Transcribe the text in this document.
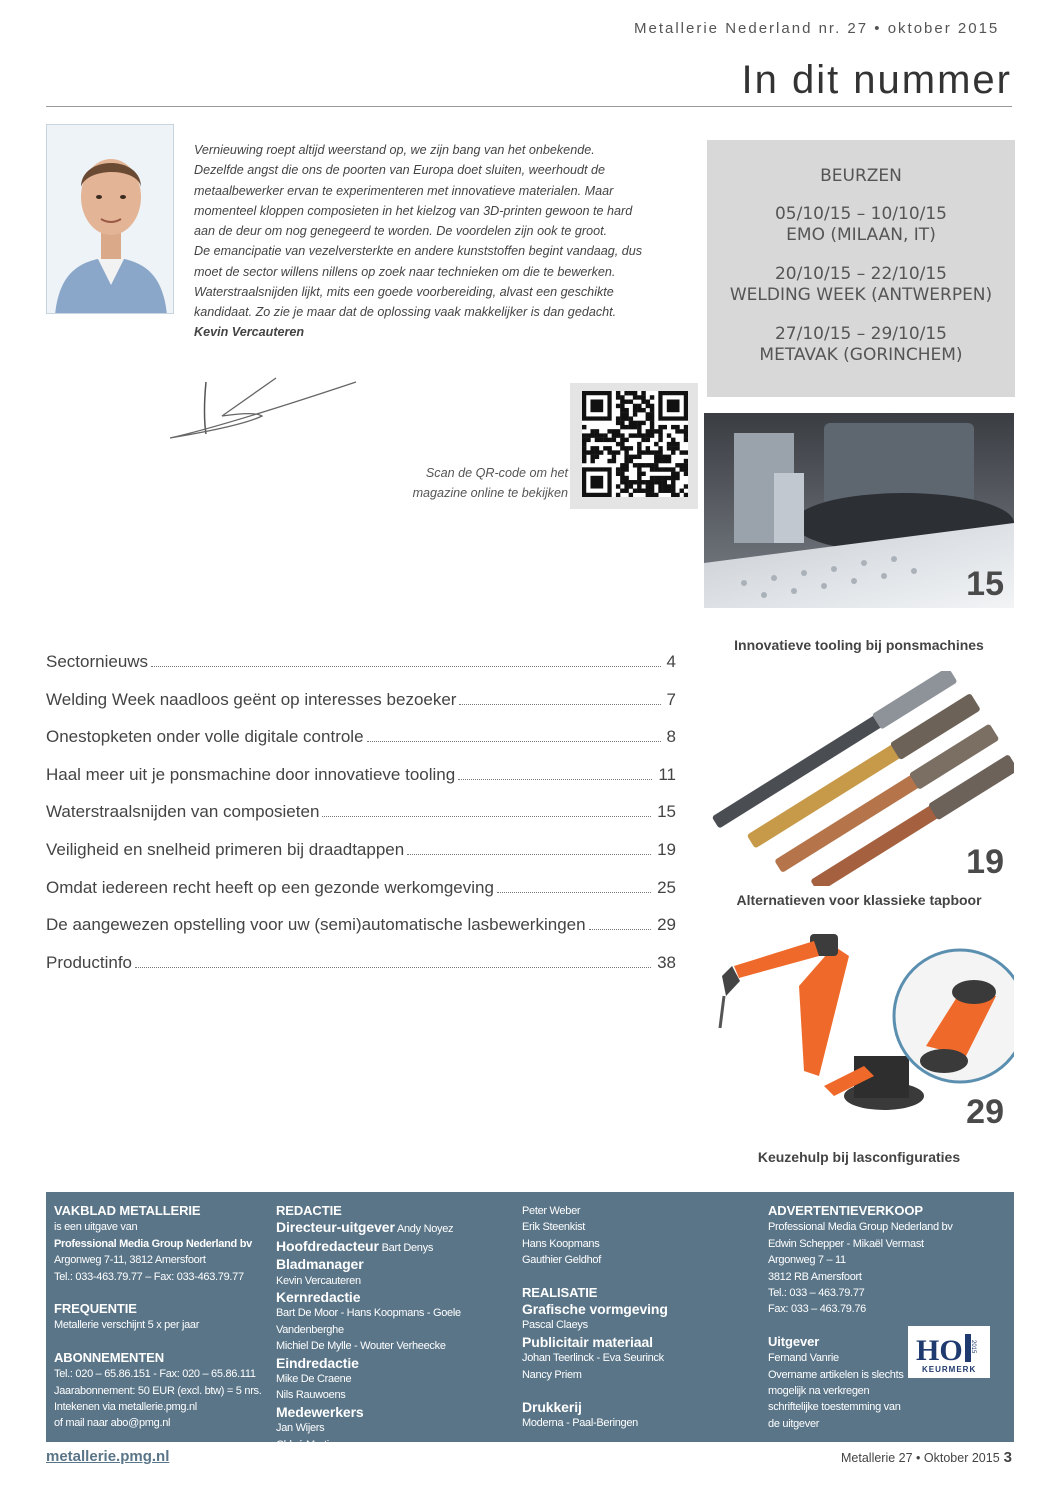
Metallerie Nederland nr. 27 • oktober 2015
In dit nummer
Vernieuwing roept altijd weerstand op, we zijn bang van het onbekende.
Dezelfde angst die ons de poorten van Europa doet sluiten, weerhoudt de
metaalbewerker ervan te experimenteren met innovatieve materialen. Maar
momenteel kloppen composieten in het kielzog van 3D-printen gewoon te hard
aan de deur om nog genegeerd te worden. De voordelen zijn ook te groot.
De emancipatie van vezelversterkte en andere kunststoffen begint vandaag, dus
moet de sector willens nillens op zoek naar technieken om die te bewerken.
Waterstraalsnijden lijkt, mits een goede voorbereiding, alvast een geschikte
kandidaat. Zo zie je maar dat de oplossing vaak makkelijker is dan gedacht.
Kevin Vercauteren
Scan de QR-code om het
magazine online te bekijken
BEURZEN
05/10/15 – 10/10/15
EMO (MILAAN, IT)
20/10/15 – 22/10/15
WELDING WEEK (ANTWERPEN)
27/10/15 – 29/10/15
METAVAK (GORINCHEM)
15
Innovatieve tooling bij ponsmachines
19
Alternatieven voor klassieke tapboor
29
Keuzehulp bij lasconfiguraties
Sectornieuws	4
Welding Week naadloos geënt op interesses bezoeker	7
Onestopketen onder volle digitale controle	8
Haal meer uit je ponsmachine door innovatieve tooling	11
Waterstraalsnijden van composieten	15
Veiligheid en snelheid primeren bij draadtappen	19
Omdat iedereen recht heeft op een gezonde werkomgeving	25
De aangewezen opstelling voor uw (semi)automatische lasbewerkingen	29
Productinfo	38
VAKBLAD METALLERIE
is een uitgave van
Professional Media Group Nederland bv
Argonweg 7-11, 3812 Amersfoort
Tel.: 033-463.79.77 – Fax: 033-463.79.77
FREQUENTIE
Metallerie verschijnt 5 x per jaar
ABONNEMENTEN
Tel.: 020 – 65.86.151 - Fax: 020 – 65.86.111
Jaarabonnement: 50 EUR (excl. btw) = 5 nrs.
Intekenen via metallerie.pmg.nl
of mail naar abo@pmg.nl
REDACTIE
Directeur-uitgever Andy Noyez
Hoofdredacteur Bart Denys
Bladmanager
Kevin Vercauteren
Kernredactie
Bart De Moor - Hans Koopmans - Goele Vandenberghe
Michiel De Mylle - Wouter Verheecke
Eindredactie
Mike De Craene
Nils Rauwoens
Medewerkers
Jan Wijers
Chloé Martin
Peter Weber
Erik Steenkist
Hans Koopmans
Gauthier Geldhof
REALISATIE
Grafische vormgeving
Pascal Claeys
Publicitair materiaal
Johan Teerlinck - Eva Seurinck
Nancy Priem
Drukkerij
Moderna - Paal-Beringen
ADVERTENTIEVERKOOP
Professional Media Group Nederland bv
Edwin Schepper - Mikaël Vermast
Argonweg 7 – 11
3812 RB Amersfoort
Tel.: 033 – 463.79.77
Fax: 033 – 463.79.76
Uitgever
Fernand Vanrie
Overname artikelen is slechts
mogelijk na verkregen
schriftelijke toestemming van
de uitgever
HO 2015
KEURMERK
metallerie.pmg.nl	Metallerie 27 • Oktober 2015 3
